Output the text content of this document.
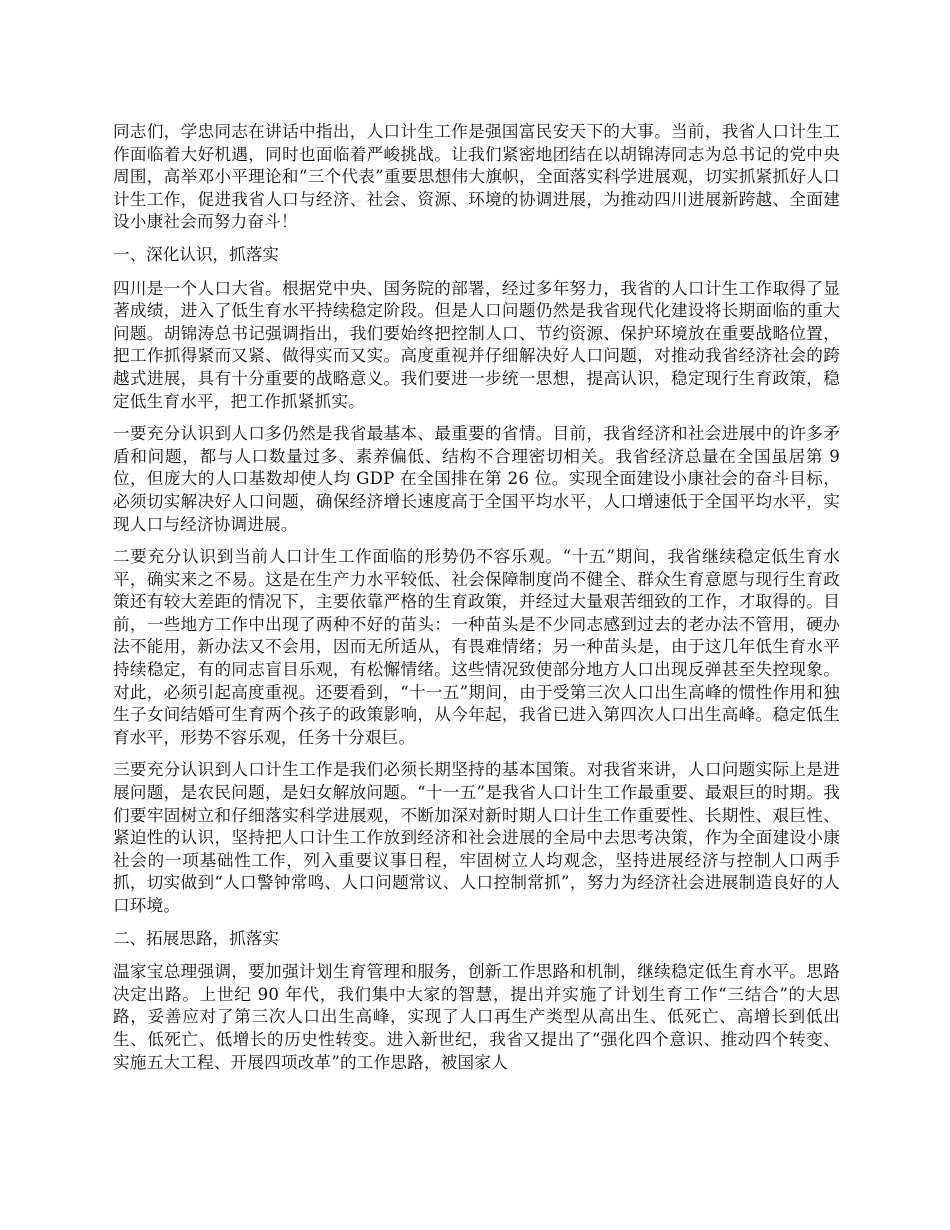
同志们，学忠同志在讲话中指出，人口计生工作是强国富民安天下的大事。当前，我省人口计生工作面临着大好机遇，同时也面临着严峻挑战。让我们紧密地团结在以胡锦涛同志为总书记的党中央周围，高举邓小平理论和“三个代表”重要思想伟大旗帜，全面落实科学进展观，切实抓紧抓好人口计生工作，促进我省人口与经济、社会、资源、环境的协调进展，为推动四川进展新跨越、全面建设小康社会而努力奋斗！

一、深化认识，抓落实

四川是一个人口大省。根据党中央、国务院的部署，经过多年努力，我省的人口计生工作取得了显著成绩，进入了低生育水平持续稳定阶段。但是人口问题仍然是我省现代化建设将长期面临的重大问题。胡锦涛总书记强调指出，我们要始终把控制人口、节约资源、保护环境放在重要战略位置，把工作抓得紧而又紧、做得实而又实。高度重视并仔细解决好人口问题，对推动我省经济社会的跨越式进展，具有十分重要的战略意义。我们要进一步统一思想，提高认识，稳定现行生育政策，稳定低生育水平，把工作抓紧抓实。

一要充分认识到人口多仍然是我省最基本、最重要的省情。目前，我省经济和社会进展中的许多矛盾和问题，都与人口数量过多、素养偏低、结构不合理密切相关。我省经济总量在全国虽居第 9 位，但庞大的人口基数却使人均 GDP 在全国排在第 26 位。实现全面建设小康社会的奋斗目标，必须切实解决好人口问题，确保经济增长速度高于全国平均水平，人口增速低于全国平均水平，实现人口与经济协调进展。

二要充分认识到当前人口计生工作面临的形势仍不容乐观。“十五”期间，我省继续稳定低生育水平，确实来之不易。这是在生产力水平较低、社会保障制度尚不健全、群众生育意愿与现行生育政策还有较大差距的情况下，主要依靠严格的生育政策，并经过大量艰苦细致的工作，才取得的。目前，一些地方工作中出现了两种不好的苗头：一种苗头是不少同志感到过去的老办法不管用，硬办法不能用，新办法又不会用，因而无所适从，有畏难情绪；另一种苗头是，由于这几年低生育水平持续稳定，有的同志盲目乐观，有松懈情绪。这些情况致使部分地方人口出现反弹甚至失控现象。对此，必须引起高度重视。还要看到，“十一五”期间，由于受第三次人口出生高峰的惯性作用和独生子女间结婚可生育两个孩子的政策影响，从今年起，我省已进入第四次人口出生高峰。稳定低生育水平，形势不容乐观，任务十分艰巨。

三要充分认识到人口计生工作是我们必须长期坚持的基本国策。对我省来讲，人口问题实际上是进展问题，是农民问题，是妇女解放问题。“十一五”是我省人口计生工作最重要、最艰巨的时期。我们要牢固树立和仔细落实科学进展观，不断加深对新时期人口计生工作重要性、长期性、艰巨性、紧迫性的认识，坚持把人口计生工作放到经济和社会进展的全局中去思考决策，作为全面建设小康社会的一项基础性工作，列入重要议事日程，牢固树立人均观念，坚持进展经济与控制人口两手抓，切实做到“人口警钟常鸣、人口问题常议、人口控制常抓”，努力为经济社会进展制造良好的人口环境。

二、拓展思路，抓落实

温家宝总理强调，要加强计划生育管理和服务，创新工作思路和机制，继续稳定低生育水平。思路决定出路。上世纪 90 年代，我们集中大家的智慧，提出并实施了计划生育工作“三结合”的大思路，妥善应对了第三次人口出生高峰，实现了人口再生产类型从高出生、低死亡、高增长到低出生、低死亡、低增长的历史性转变。进入新世纪，我省又提出了“强化四个意识、推动四个转变、实施五大工程、开展四项改革”的工作思路，被国家人
